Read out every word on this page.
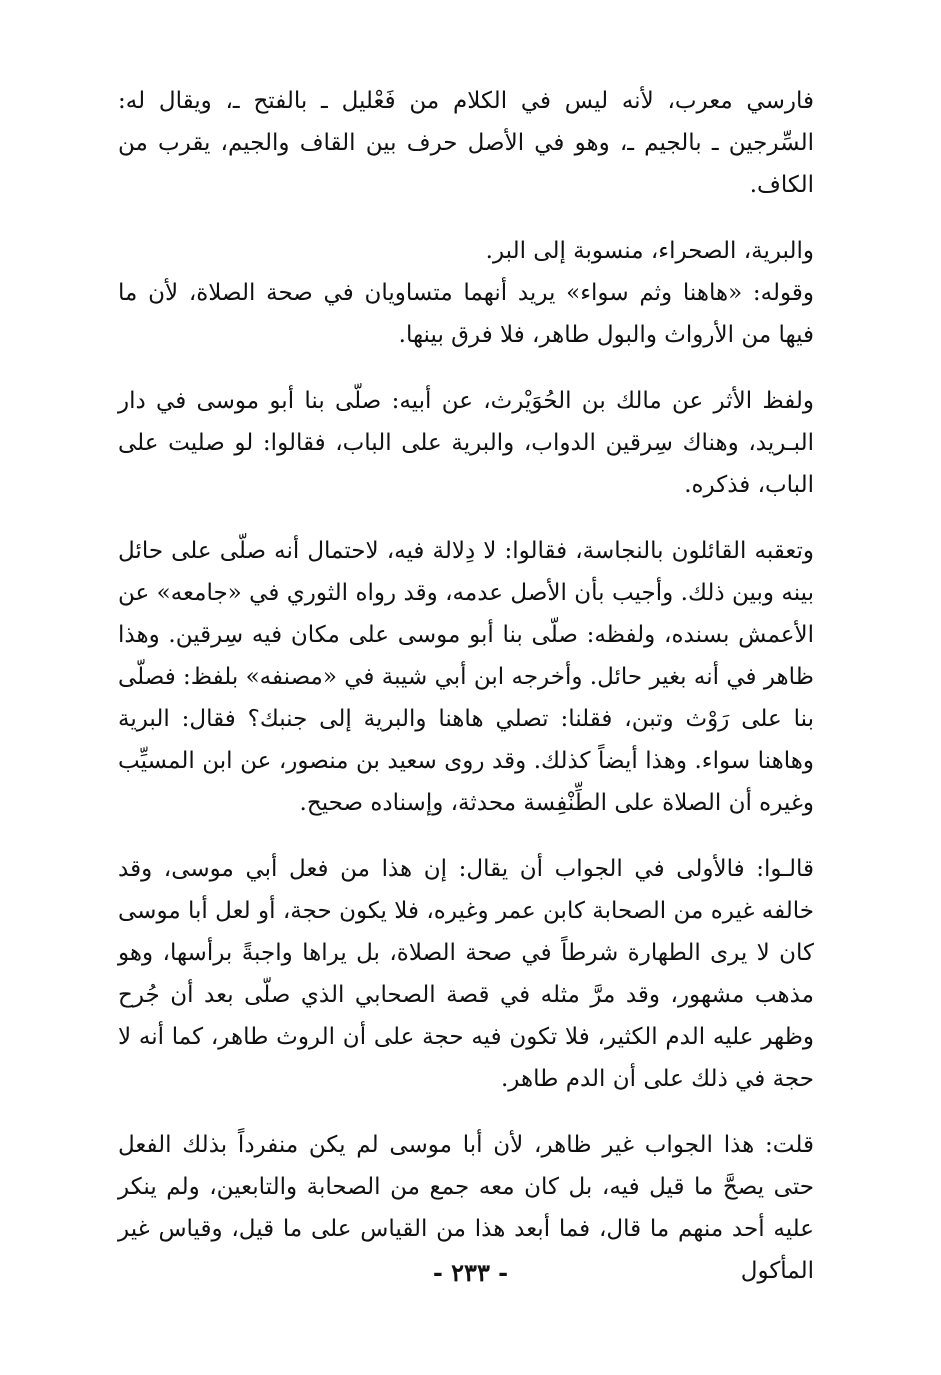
فارسي معرب، لأنه ليس في الكلام من فَعْليل ـ بالفتح ـ، ويقال له: السِّرجين ـ بالجيم ـ، وهو في الأصل حرف بين القاف والجيم، يقرب من الكاف.

والبرية، الصحراء، منسوبة إلى البر.

وقوله: «هاهنا وثم سواء» يريد أنهما متساويان في صحة الصلاة، لأن ما فيها من الأرواث والبول طاهر، فلا فرق بينها.

ولفظ الأثر عن مالك بن الحُوَيْرث، عن أبيه: صلّى بنا أبو موسى في دار البـريد، وهناك سِرقين الدواب، والبرية على الباب، فقالوا: لو صليت على الباب، فذكره.

وتعقبه القائلون بالنجاسة، فقالوا: لا دِلالة فيه، لاحتمال أنه صلّى على حائل بينه وبين ذلك. وأجيب بأن الأصل عدمه، وقد رواه الثوري في «جامعه» عن الأعمش بسنده، ولفظه: صلّى بنا أبو موسى على مكان فيه سِرقين. وهذا ظاهر في أنه بغير حائل. وأخرجه ابن أبي شيبة في «مصنفه» بلفظ: فصلّى بنا على رَوْث وتبن، فقلنا: تصلي هاهنا والبرية إلى جنبك؟ فقال: البرية وهاهنا سواء. وهذا أيضاً كذلك. وقد روى سعيد بن منصور، عن ابن المسيِّب وغيره أن الصلاة على الطِّنْفِسة محدثة، وإسناده صحيح.

قالـوا: فالأولى في الجواب أن يقال: إن هذا من فعل أبي موسى، وقد خالفه غيره من الصحابة كابن عمر وغيره، فلا يكون حجة، أو لعل أبا موسى كان لا يرى الطهارة شرطاً في صحة الصلاة، بل يراها واجبةً برأسها، وهو مذهب مشهور، وقد مرَّ مثله في قصة الصحابي الذي صلّى بعد أن جُرح وظهر عليه الدم الكثير، فلا تكون فيه حجة على أن الروث طاهر، كما أنه لا حجة في ذلك على أن الدم طاهر.

قلت: هذا الجواب غير ظاهر، لأن أبا موسى لم يكن منفرداً بذلك الفعل حتى يصحَّ ما قيل فيه، بل كان معه جمع من الصحابة والتابعين، ولم ينكر عليه أحد منهم ما قال، فما أبعد هذا من القياس على ما قيل، وقياس غير المأكول

- ٢٣٣ -
